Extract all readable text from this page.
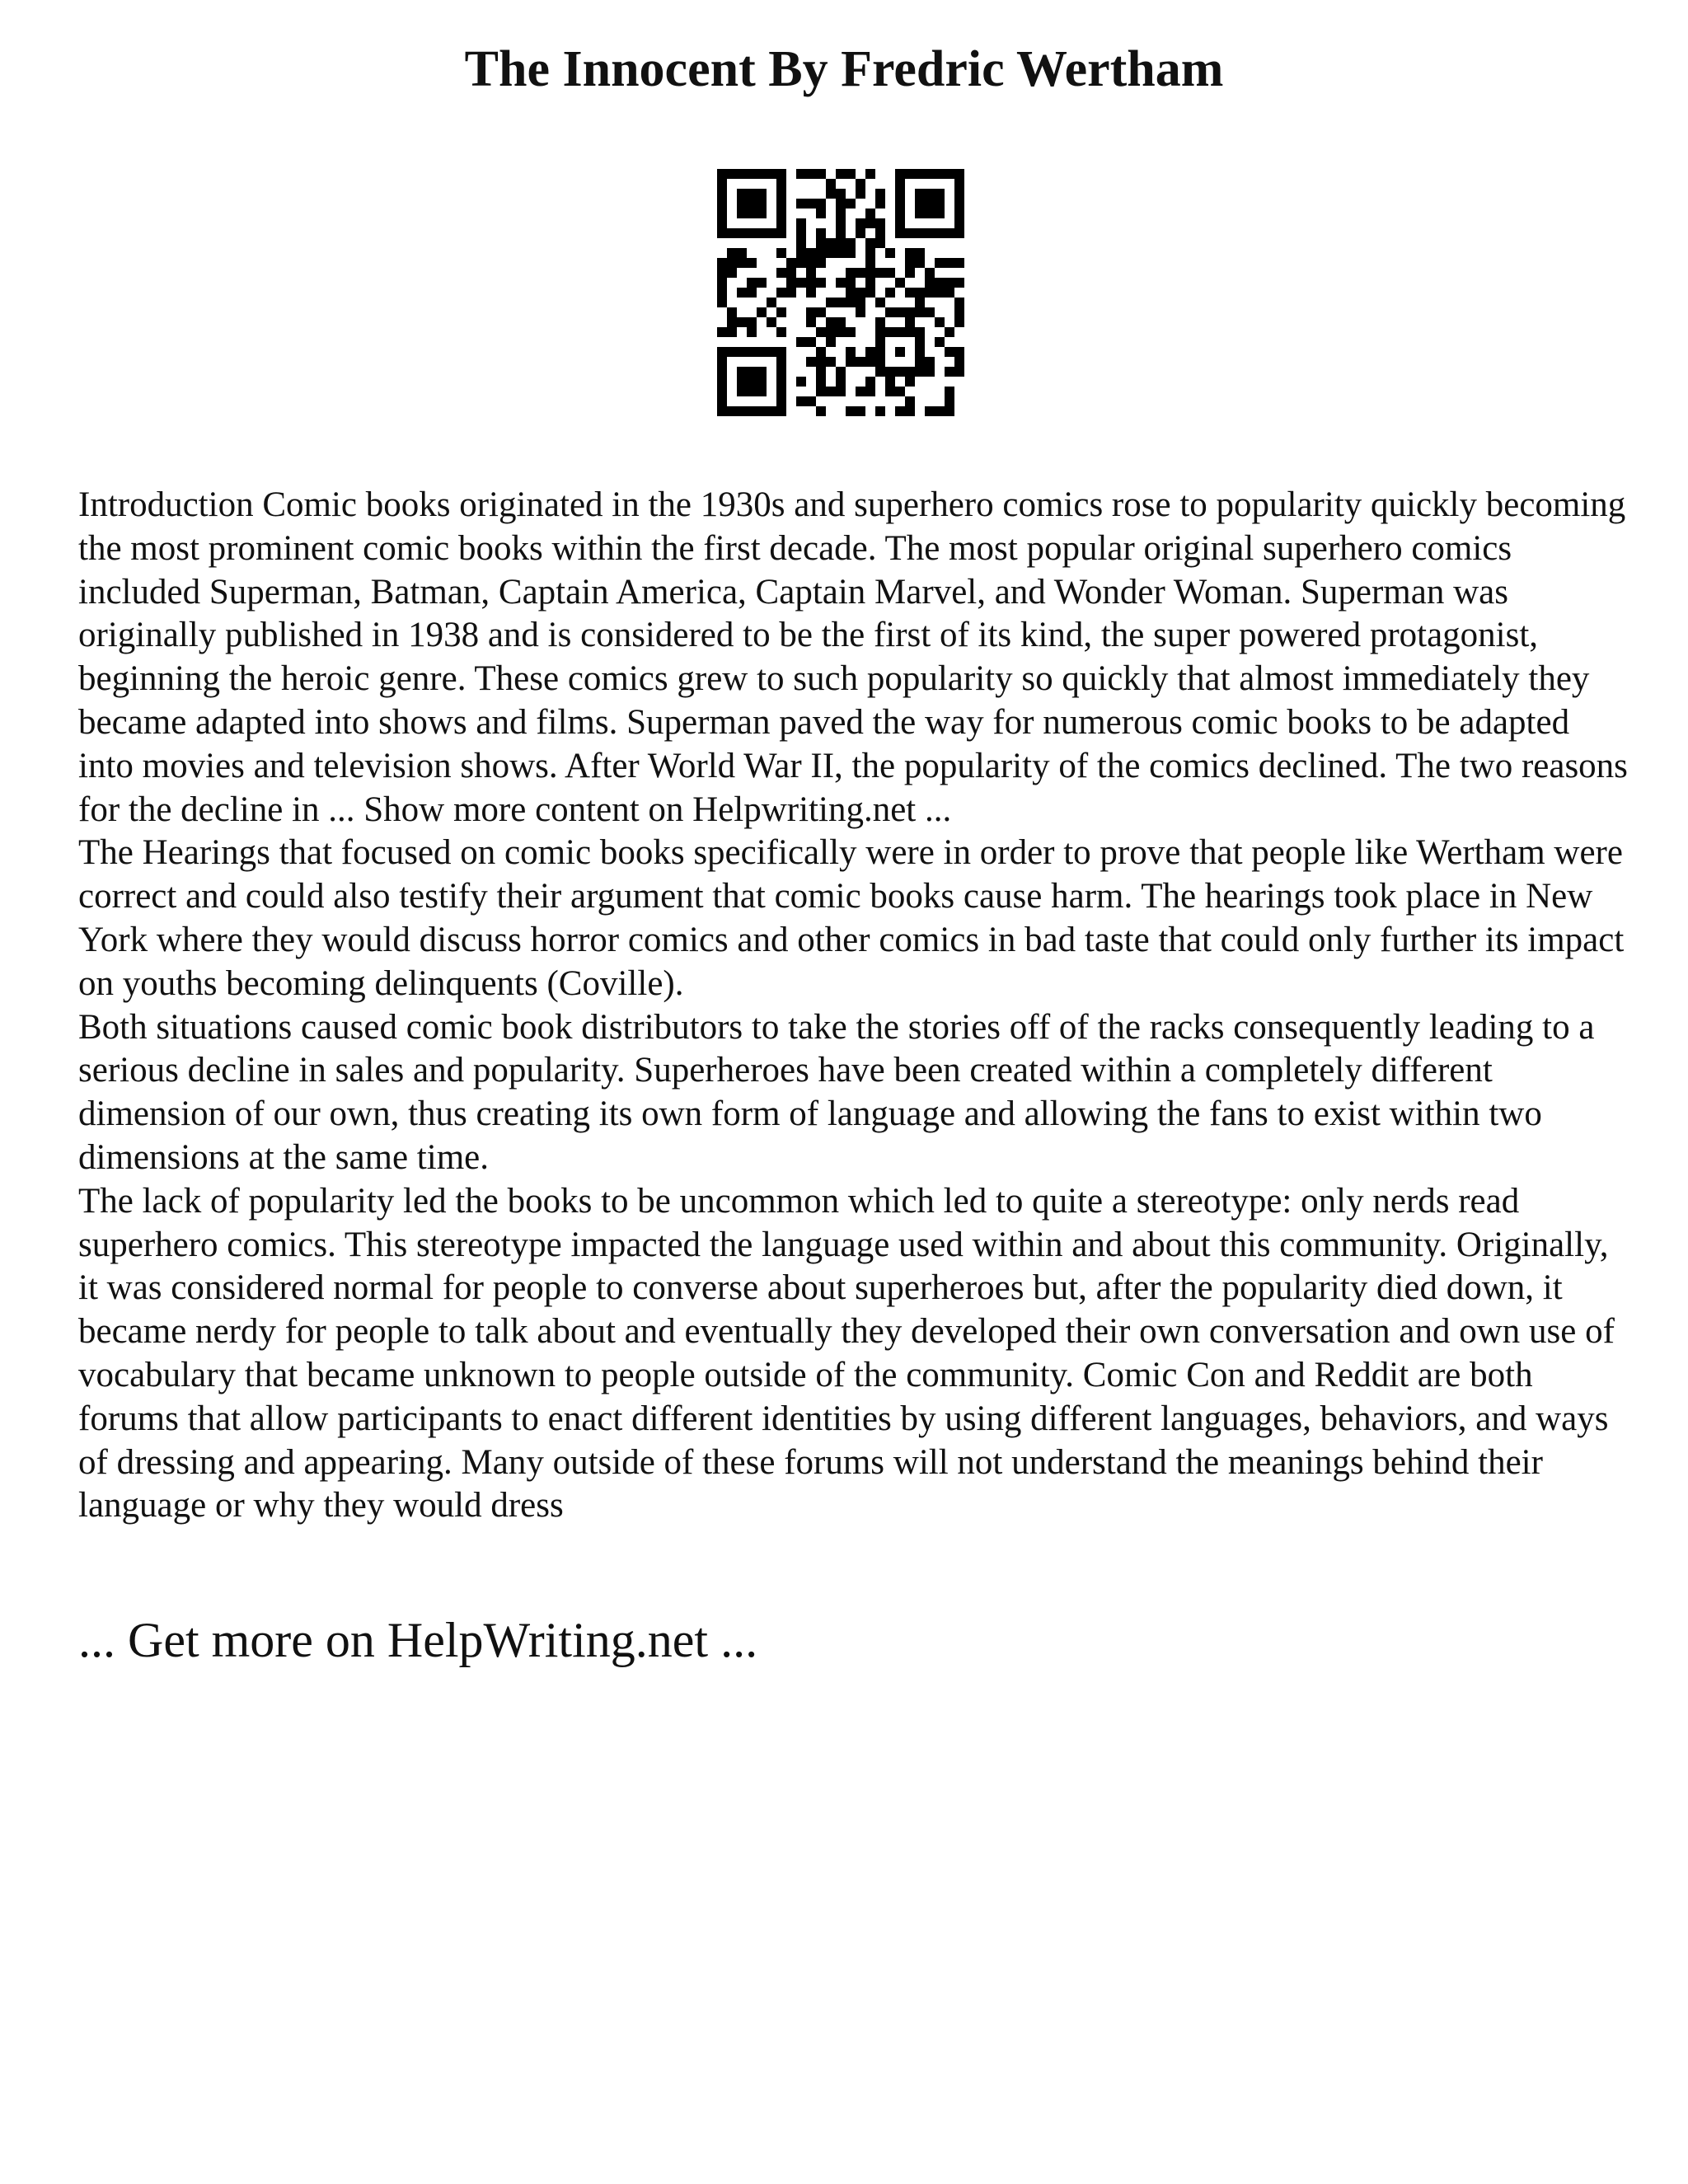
The Innocent By Fredric Wertham

Introduction Comic books originated in the 1930s and superhero comics rose to popularity quickly becoming the most prominent comic books within the first decade. The most popular original superhero comics included Superman, Batman, Captain America, Captain Marvel, and Wonder Woman. Superman was originally published in 1938 and is considered to be the first of its kind, the super powered protagonist, beginning the heroic genre. These comics grew to such popularity so quickly that almost immediately they became adapted into shows and films. Superman paved the way for numerous comic books to be adapted into movies and television shows. After World War II, the popularity of the comics declined. The two reasons for the decline in ... Show more content on Helpwriting.net ...

The Hearings that focused on comic books specifically were in order to prove that people like Wertham were correct and could also testify their argument that comic books cause harm. The hearings took place in New York where they would discuss horror comics and other comics in bad taste that could only further its impact on youths becoming delinquents (Coville).

Both situations caused comic book distributors to take the stories off of the racks consequently leading to a serious decline in sales and popularity. Superheroes have been created within a completely different dimension of our own, thus creating its own form of language and allowing the fans to exist within two dimensions at the same time.

The lack of popularity led the books to be uncommon which led to quite a stereotype: only nerds read superhero comics. This stereotype impacted the language used within and about this community. Originally, it was considered normal for people to converse about superheroes but, after the popularity died down, it became nerdy for people to talk about and eventually they developed their own conversation and own use of vocabulary that became unknown to people outside of the community. Comic Con and Reddit are both forums that allow participants to enact different identities by using different languages, behaviors, and ways of dressing and appearing. Many outside of these forums will not understand the meanings behind their language or why they would dress

... Get more on HelpWriting.net ...
